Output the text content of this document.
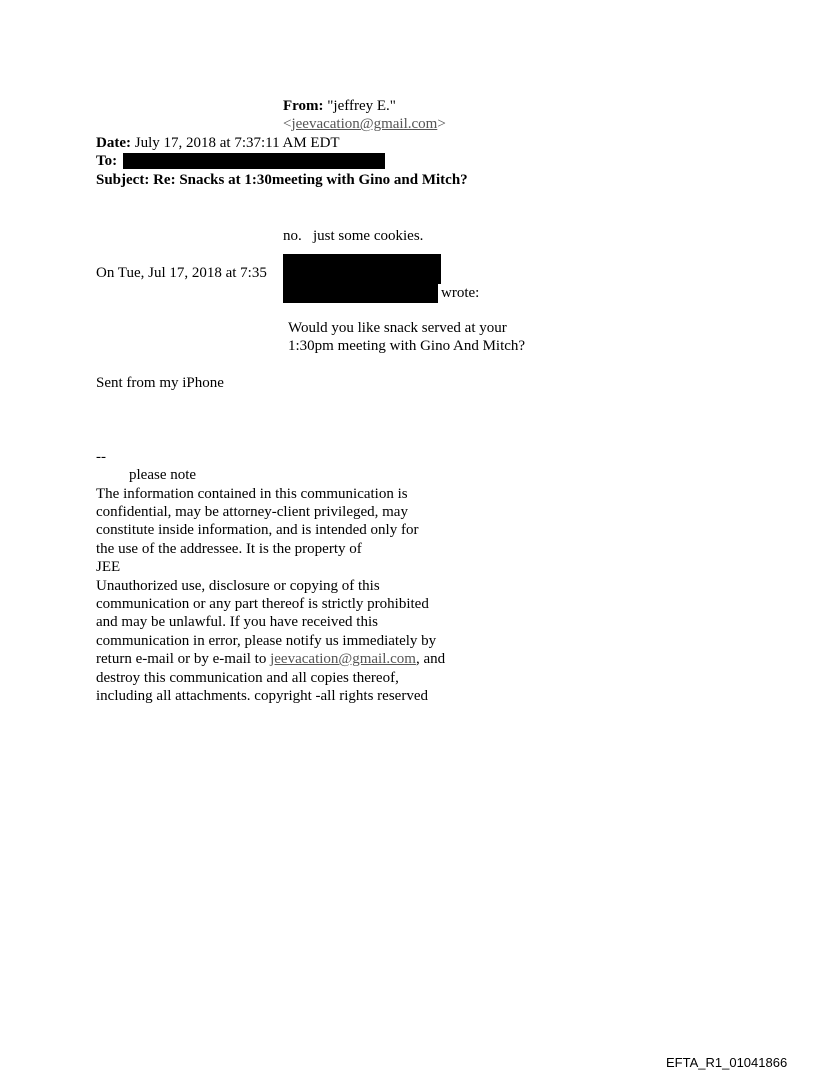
From: "jeffrey E."
<jeevacation@gmail.com>
Date: July 17, 2018 at 7:37:11 AM EDT
To:
Subject: Re: Snacks at 1:30meeting with Gino and Mitch?
no.   just some cookies.
On Tue, Jul 17, 2018 at 7:35
wrote:
Would you like snack served at your
1:30pm meeting with Gino And Mitch?
Sent from my iPhone
--
please note
The information contained in this communication is
confidential, may be attorney-client privileged, may
constitute inside information, and is intended only for
the use of the addressee. It is the property of
JEE
Unauthorized use, disclosure or copying of this
communication or any part thereof is strictly prohibited
and may be unlawful. If you have received this
communication in error, please notify us immediately by
return e-mail or by e-mail to jeevacation@gmail.com, and
destroy this communication and all copies thereof,
including all attachments. copyright -all rights reserved
EFTA_R1_01041866
